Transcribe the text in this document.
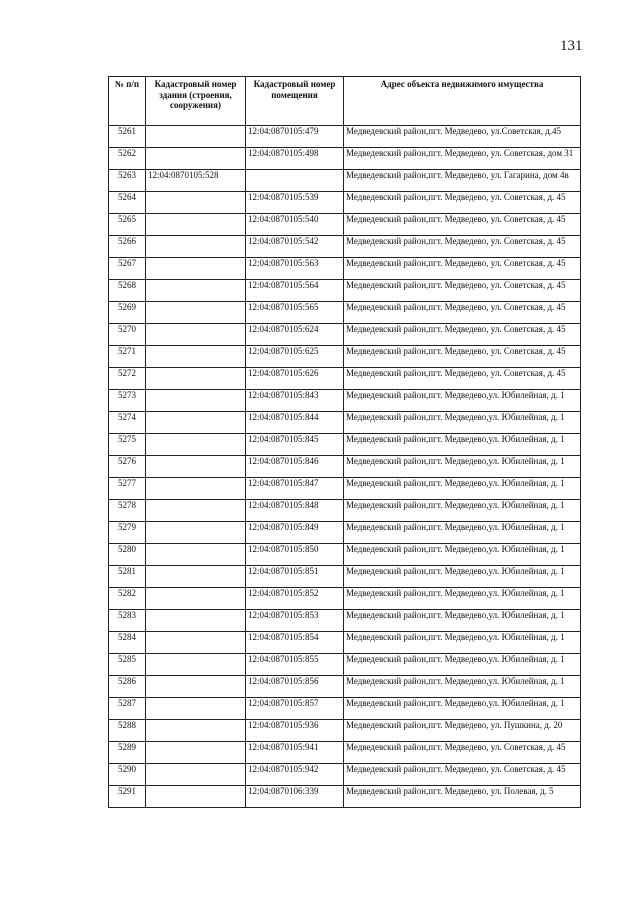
131
№ п/п	Кадастровый номер здания (строения, сооружения)	Кадастровый номер помещения	Адрес объекта недвижимого имущества
5261		12:04:0870105:479	Медведевский район,пгт. Медведево, ул.Советская, д.45
5262		12:04:0870105:498	Медведевский район,пгт. Медведево, ул. Советская, дом 31
5263	12:04:0870105:528		Медведевский район,пгт. Медведево, ул. Гагарина, дом 4в
5264		12:04:0870105:539	Медведевский район,пгт. Медведево, ул. Советская, д. 45
5265		12:04:0870105:540	Медведевский район,пгт. Медведево, ул. Советская, д. 45
5266		12:04:0870105:542	Медведевский район,пгт. Медведево, ул. Советская, д. 45
5267		12:04:0870105:563	Медведевский район,пгт. Медведево, ул. Советская, д. 45
5268		12:04:0870105:564	Медведевский район,пгт. Медведево, ул. Советская, д. 45
5269		12:04:0870105:565	Медведевский район,пгт. Медведево, ул. Советская, д. 45
5270		12:04:0870105:624	Медведевский район,пгт. Медведево, ул. Советская, д. 45
5271		12:04:0870105:625	Медведевский район,пгт. Медведево, ул. Советская, д. 45
5272		12:04:0870105:626	Медведевский район,пгт. Медведево, ул. Советская, д. 45
5273		12:04:0870105:843	Медведевский район,пгт. Медведево,ул. Юбилейная, д. 1
5274		12:04:0870105:844	Медведевский район,пгт. Медведево,ул. Юбилейная, д. 1
5275		12:04:0870105:845	Медведевский район,пгт. Медведево,ул. Юбилейная, д. 1
5276		12:04:0870105:846	Медведевский район,пгт. Медведево,ул. Юбилейная, д. 1
5277		12:04:0870105:847	Медведевский район,пгт. Медведево,ул. Юбилейная, д. 1
5278		12:04:0870105:848	Медведевский район,пгт. Медведево,ул. Юбилейная, д. 1
5279		12:04:0870105:849	Медведевский район,пгт. Медведево,ул. Юбилейная, д. 1
5280		12:04:0870105:850	Медведевский район,пгт. Медведево,ул. Юбилейная, д. 1
5281		12:04:0870105:851	Медведевский район,пгт. Медведево,ул. Юбилейная, д. 1
5282		12:04:0870105:852	Медведевский район,пгт. Медведево,ул. Юбилейная, д. 1
5283		12:04:0870105:853	Медведевский район,пгт. Медведево,ул. Юбилейная, д. 1
5284		12:04:0870105:854	Медведевский район,пгт. Медведево,ул. Юбилейная, д. 1
5285		12:04:0870105:855	Медведевский район,пгт. Медведево,ул. Юбилейная, д. 1
5286		12:04:0870105:856	Медведевский район,пгт. Медведево,ул. Юбилейная, д. 1
5287		12:04:0870105:857	Медведевский район,пгт. Медведево,ул. Юбилейная, д. 1
5288		12:04:0870105:936	Медведевский район,пгт. Медведево, ул. Пушкина, д. 20
5289		12:04:0870105:941	Медведевский район,пгт. Медведево, ул. Советская, д. 45
5290		12:04:0870105:942	Медведевский район,пгт. Медведево, ул. Советская, д. 45
5291		12:04:0870106:339	Медведевский район,пгт. Медведево, ул. Полевая, д. 5
